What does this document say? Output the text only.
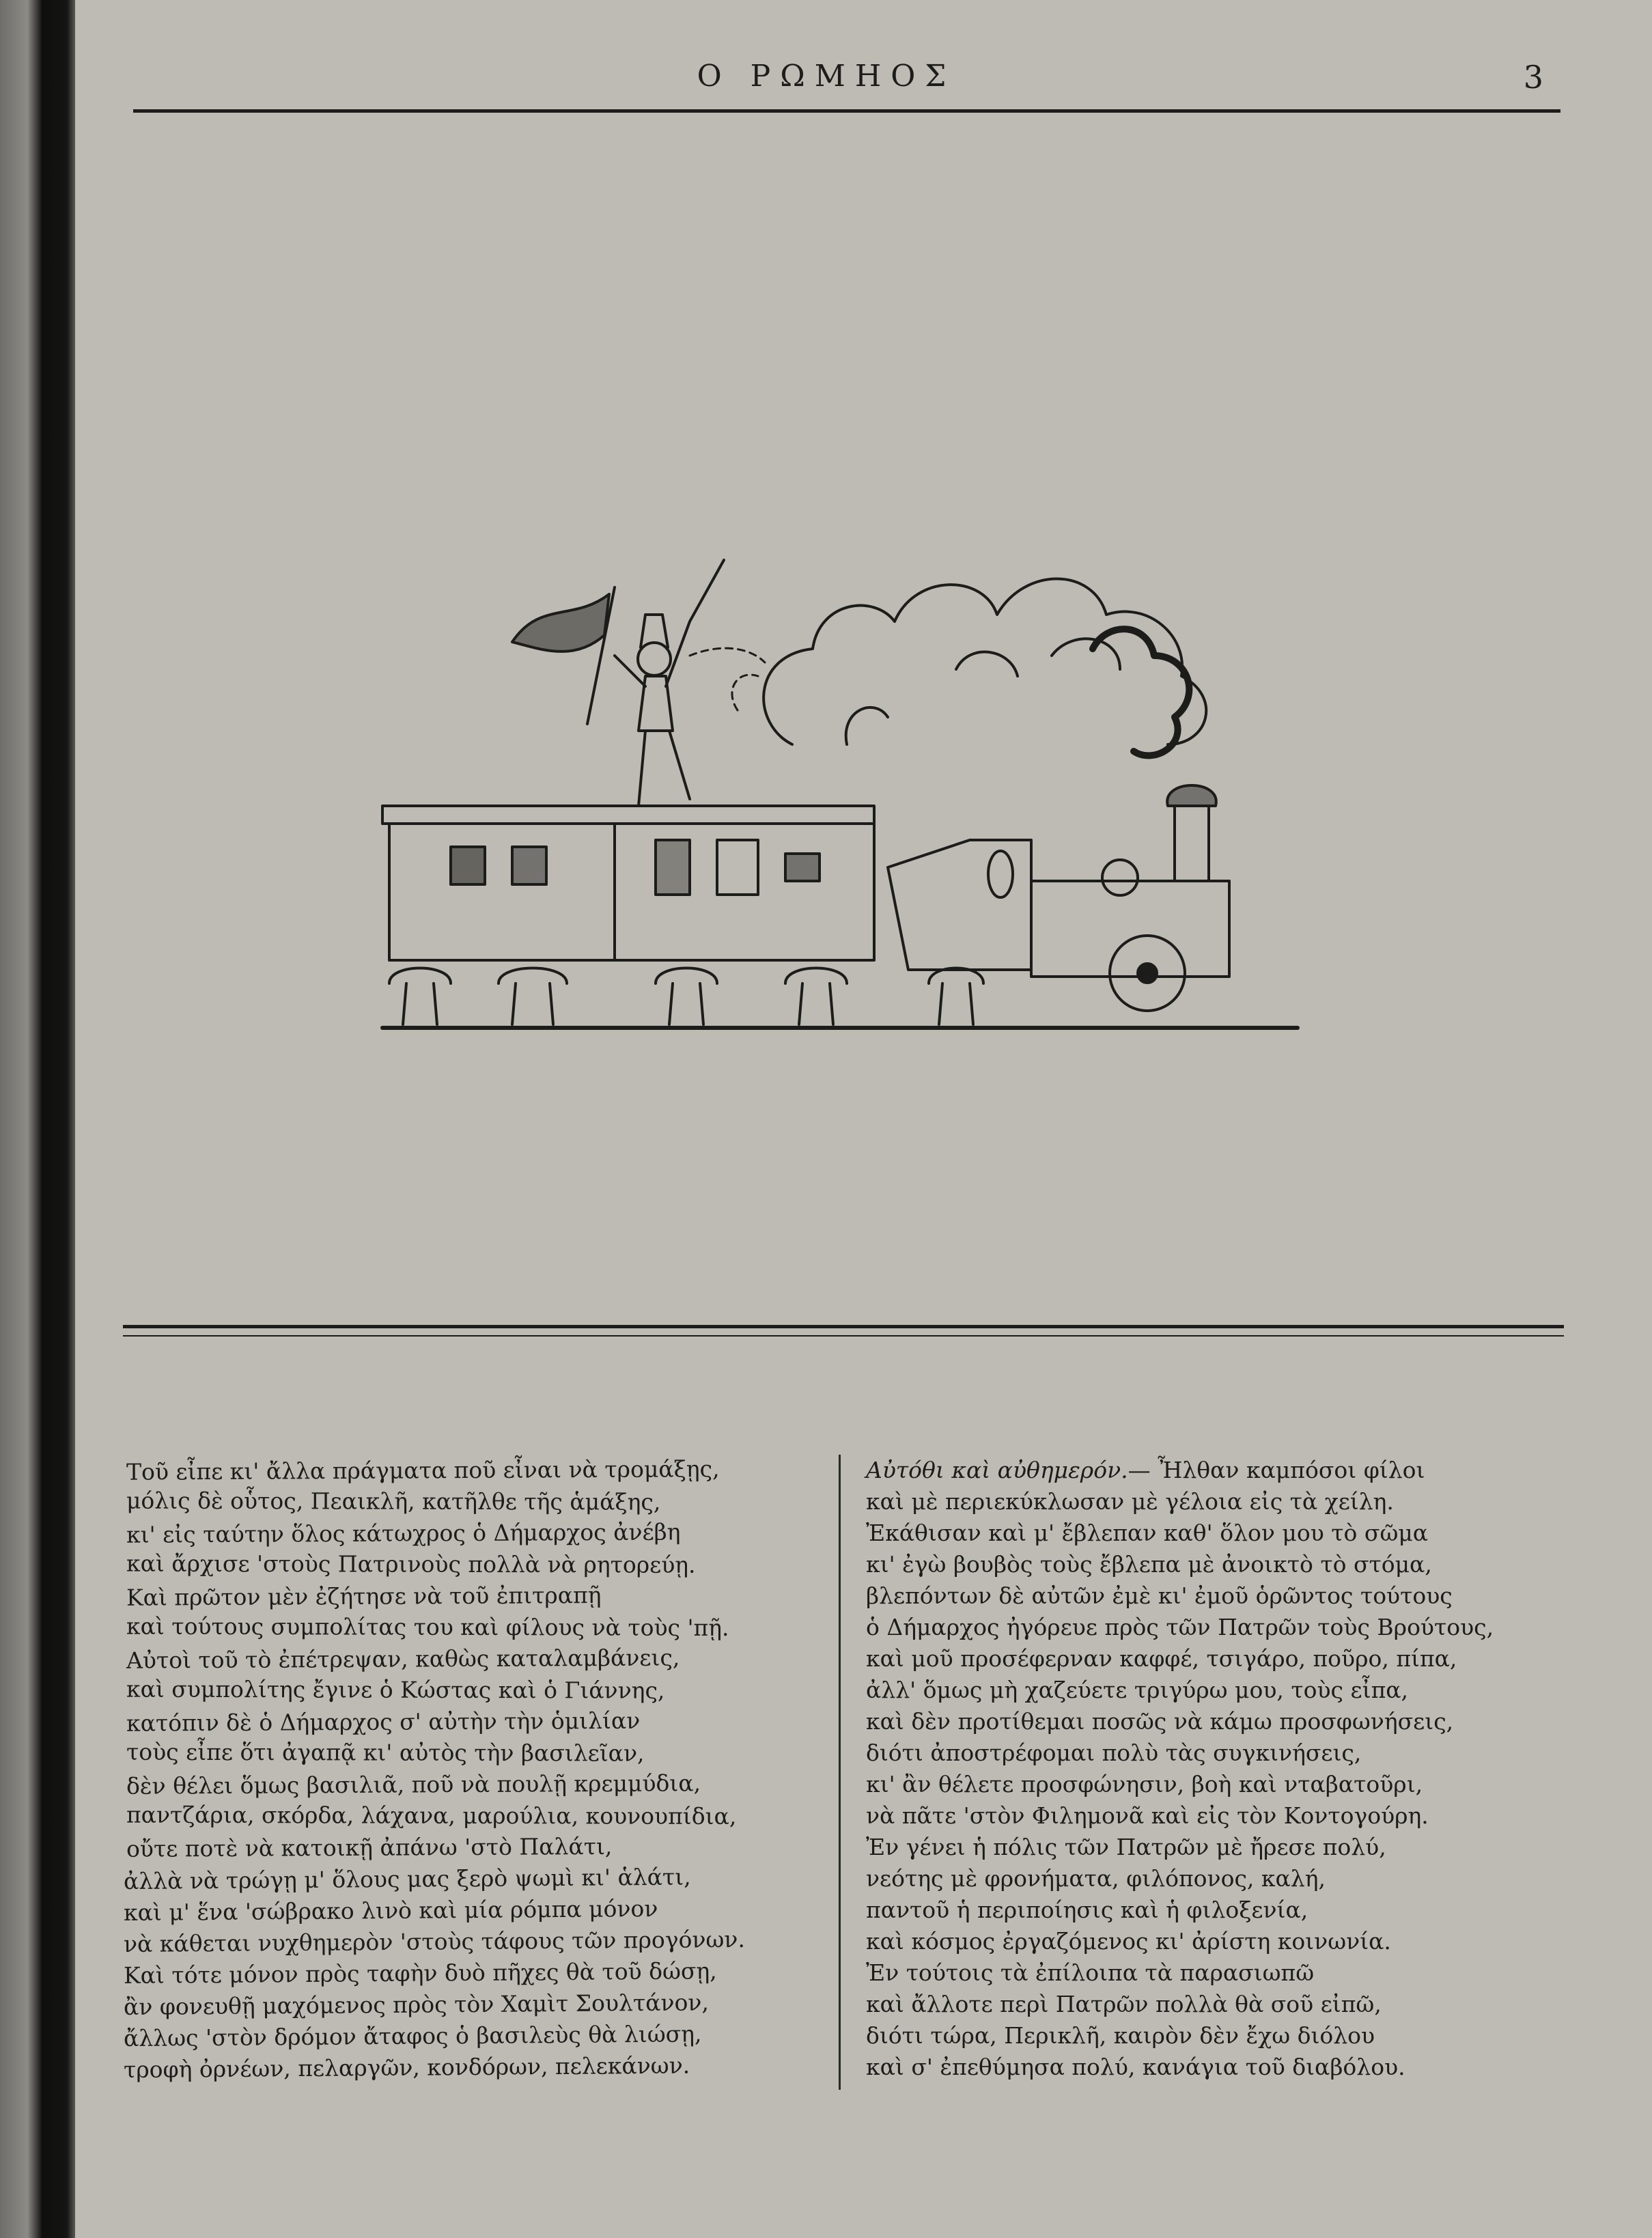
Ο ΡΩΜΗΟΣ	3
Τοῦ εἶπε κι' ἄλλα πράγματα ποῦ εἶναι νὰ τρομάξῃς,
μόλις δὲ οὗτος, Πεαικλῆ, κατῆλθε τῆς ἁμάξης,
κι' εἰς ταύτην ὅλος κάτωχρος ὁ Δήμαρχος ἀνέβη
καὶ ἄρχισε 'στοὺς Πατρινοὺς πολλὰ νὰ ρητορεύῃ.
Καὶ πρῶτον μὲν ἐζήτησε νὰ τοῦ ἐπιτραπῇ
καὶ τούτους συμπολίτας του καὶ φίλους νὰ τοὺς 'πῇ.
Αὐτοὶ τοῦ τὸ ἐπέτρεψαν, καθὼς καταλαμβάνεις,
καὶ συμπολίτης ἔγινε ὁ Κώστας καὶ ὁ Γιάννης,
κατόπιν δὲ ὁ Δήμαρχος σ' αὐτὴν τὴν ὁμιλίαν
τοὺς εἶπε ὅτι ἀγαπᾷ κι' αὐτὸς τὴν βασιλεῖαν,
δὲν θέλει ὅμως βασιλιᾶ, ποῦ νὰ πουλῇ κρεμμύδια,
παντζάρια, σκόρδα, λάχανα, μαρούλια, κουνουπίδια,
οὔτε ποτὲ νὰ κατοικῇ ἀπάνω 'στὸ Παλάτι,
ἀλλὰ νὰ τρώγῃ μ' ὅλους μας ξερὸ ψωμὶ κι' ἁλάτι,
καὶ μ' ἕνα 'σώβρακο λινὸ καὶ μία ρόμπα μόνον
νὰ κάθεται νυχθημερὸν 'στοὺς τάφους τῶν προγόνων.
Καὶ τότε μόνον πρὸς ταφὴν δυὸ πῆχες θὰ τοῦ δώσῃ,
ἂν φονευθῇ μαχόμενος πρὸς τὸν Χαμὶτ Σουλτάνον,
ἄλλως 'στὸν δρόμον ἄταφος ὁ βασιλεὺς θὰ λιώσῃ,
τροφὴ ὀρνέων, πελαργῶν, κονδόρων, πελεκάνων.
Αὐτόθι καὶ αὐθημερόν.— Ἦλθαν καμπόσοι φίλοι
καὶ μὲ περιεκύκλωσαν μὲ γέλοια εἰς τὰ χείλη.
Ἐκάθισαν καὶ μ' ἔβλεπαν καθ' ὅλον μου τὸ σῶμα
κι' ἐγὼ βουβὸς τοὺς ἔβλεπα μὲ ἀνοικτὸ τὸ στόμα,
βλεπόντων δὲ αὐτῶν ἐμὲ κι' ἐμοῦ ὁρῶντος τούτους
ὁ Δήμαρχος ἠγόρευε πρὸς τῶν Πατρῶν τοὺς Βρούτους,
καὶ μοῦ προσέφερναν καφφέ, τσιγάρο, ποῦρο, πίπα,
ἀλλ' ὅμως μὴ χαζεύετε τριγύρω μου, τοὺς εἶπα,
καὶ δὲν προτίθεμαι ποσῶς νὰ κάμω προσφωνήσεις,
διότι ἀποστρέφομαι πολὺ τὰς συγκινήσεις,
κι' ἂν θέλετε προσφώνησιν, βοὴ καὶ νταβατοῦρι,
νὰ πᾶτε 'στὸν Φιλημονᾶ καὶ εἰς τὸν Κοντογούρη.
Ἐν γένει ἡ πόλις τῶν Πατρῶν μὲ ἤρεσε πολύ,
νεότης μὲ φρονήματα, φιλόπονος, καλή,
παντοῦ ἡ περιποίησις καὶ ἡ φιλοξενία,
καὶ κόσμος ἐργαζόμενος κι' ἀρίστη κοινωνία.
Ἐν τούτοις τὰ ἐπίλοιπα τὰ παρασιωπῶ
καὶ ἄλλοτε περὶ Πατρῶν πολλὰ θὰ σοῦ εἰπῶ,
διότι τώρα, Περικλῆ, καιρὸν δὲν ἔχω διόλου
καὶ σ' ἐπεθύμησα πολύ, κανάγια τοῦ διαβόλου.
